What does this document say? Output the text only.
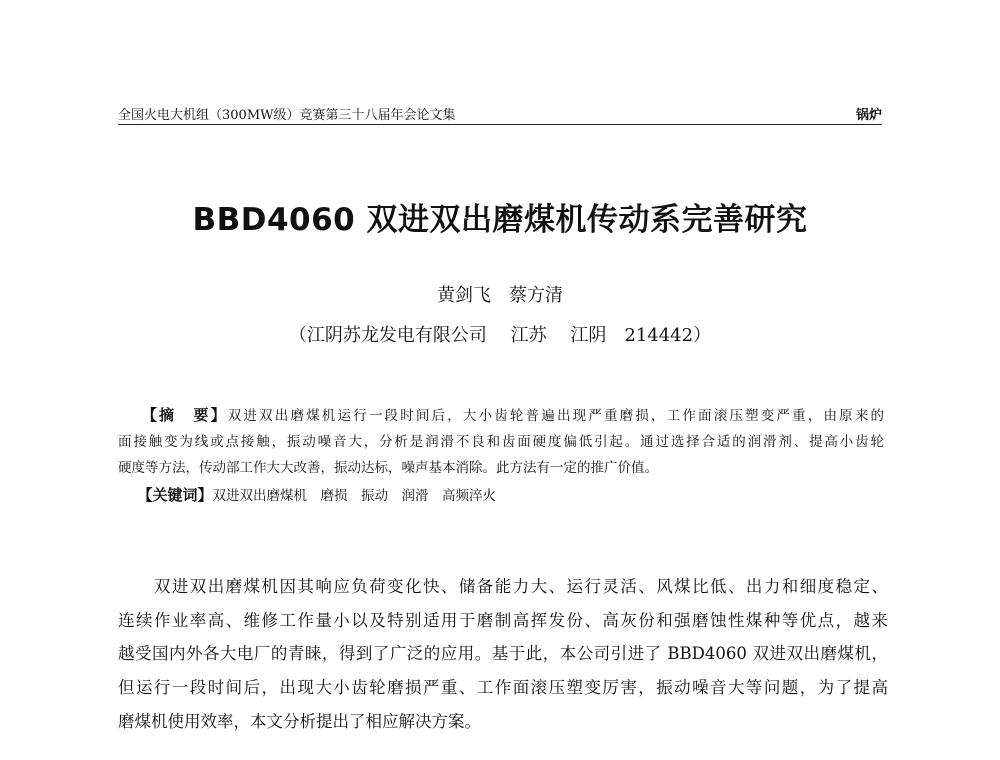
全国火电大机组（300MW级）竞赛第三十八届年会论文集	锅炉
BBD4060 双进双出磨煤机传动系完善研究
黄剑飞　蔡方清
（江阴苏龙发电有限公司　 江苏　 江阴　214442）
　　【摘　要】双进双出磨煤机运行一段时间后，大小齿轮普遍出现严重磨损，工作面滚压塑变严重，由原来的
面接触变为线或点接触，振动噪音大，分析是润滑不良和齿面硬度偏低引起。通过选择合适的润滑剂、提高小齿轮
硬度等方法，传动部工作大大改善，振动达标，噪声基本消除。此方法有一定的推广价值。
　　【关键词】双进双出磨煤机　磨损　振动　润滑　高频淬火
　　双进双出磨煤机因其响应负荷变化快、储备能力大、运行灵活、风煤比低、出力和细度稳定、
连续作业率高、维修工作量小以及特别适用于磨制高挥发份、高灰份和强磨蚀性煤种等优点，越来
越受国内外各大电厂的青睐，得到了广泛的应用。基于此，本公司引进了 BBD4060 双进双出磨煤机，
但运行一段时间后，出现大小齿轮磨损严重、工作面滚压塑变厉害，振动噪音大等问题，为了提高
磨煤机使用效率，本文分析提出了相应解决方案。
